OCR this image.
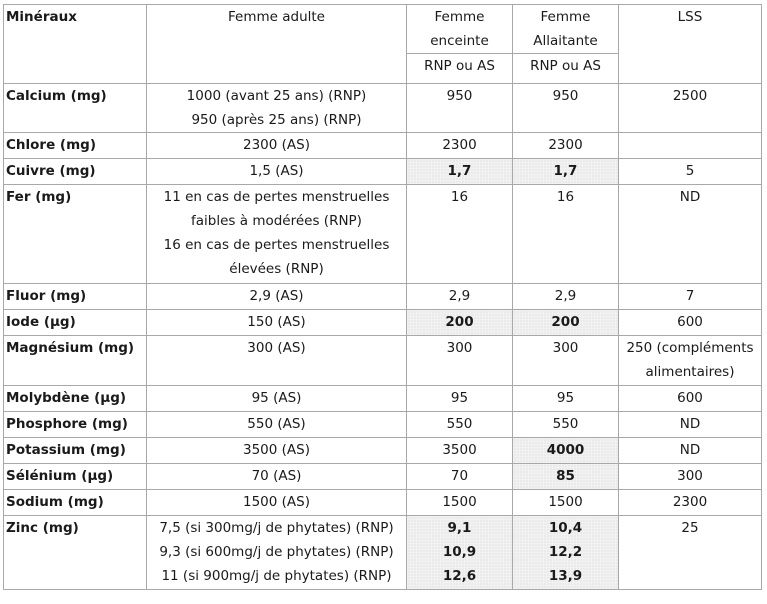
Minéraux	Femme adulte	Femme
enceinte
RNP ou AS	Femme
Allaitante
RNP ou AS	LSS
Calcium (mg)	1000 (avant 25 ans) (RNP)
950 (après 25 ans) (RNP)	950	950	2500
Chlore (mg)	2300 (AS)	2300	2300	
Cuivre (mg)	1,5 (AS)	1,7	1,7	5
Fer (mg)	11 en cas de pertes menstruelles
faibles à modérées (RNP)
16 en cas de pertes menstruelles
élevées (RNP)	16	16	ND
Fluor (mg)	2,9 (AS)	2,9	2,9	7
Iode (µg)	150 (AS)	200	200	600
Magnésium (mg)	300 (AS)	300	300	250 (compléments
alimentaires)

Molybdène (µg)	95 (AS)	95	95	600
Phosphore (mg)	550 (AS)	550	550	ND
Potassium (mg)	3500 (AS)	3500	4000	ND
Sélénium (µg)	70 (AS)	70	85	300
Sodium (mg)	1500 (AS)	1500	1500	2300
Zinc (mg)	7,5 (si 300mg/j de phytates) (RNP)
9,3 (si 600mg/j de phytates) (RNP)
11 (si 900mg/j de phytates) (RNP)	9,1
10,9
12,6	10,4
12,2
13,9	25
